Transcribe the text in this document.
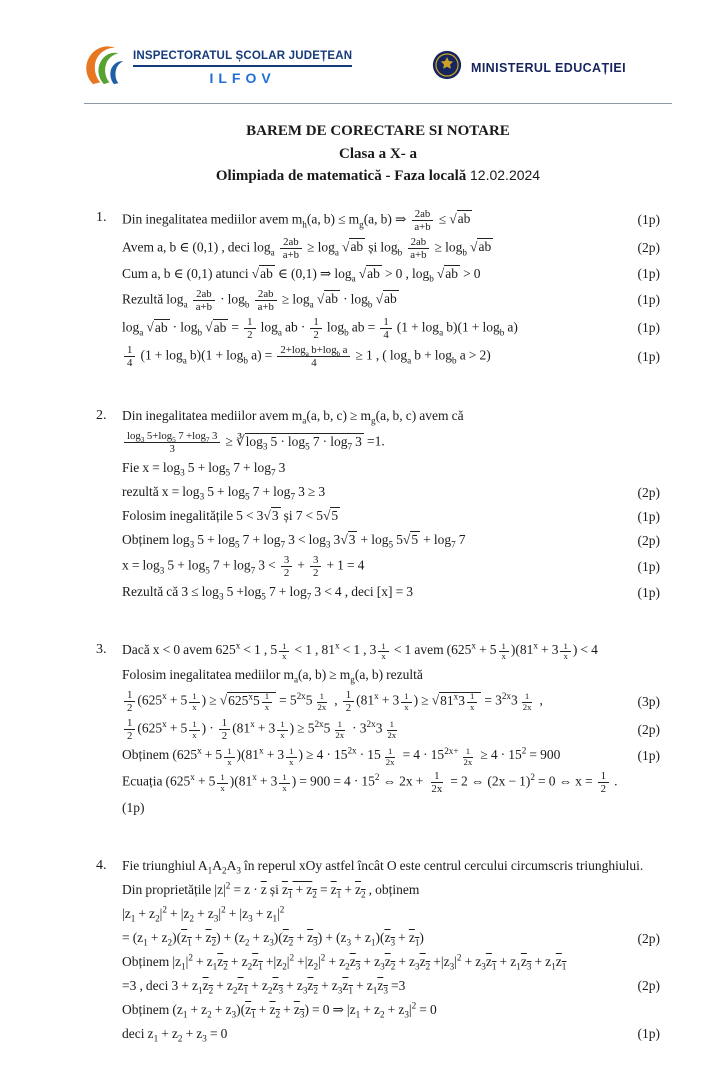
INSPECTORATUL ȘCOLAR JUDEȚEAN
ILFOV
MINISTERUL EDUCAȚIEI
BAREM DE CORECTARE SI NOTARE
Clasa a X- a
Olimpiada de matematică - Faza locală 12.02.2024
1.	Din inegalitatea mediilor avem $m_h(a$, $b) \le m_g(a$, b) ⇒ $\frac{2ab}{a+b} \le √ab$	(1p)
Avem a, b ∈ (0,1) , deci $\log_a \frac{2ab}{a+b} \ge \log_a √ab$ și $\log_b \frac{2ab}{a+b} \ge \log_b √ab$	(2p)
Cum a, b ∈ (0,1) atunci √ab ∈ (0,1) ⇒ $\log_a √ab > 0$ , $\log_b √ab > 0$	(1p)
Rezultă $\log_a \frac{2ab}{a+b} \cdot \log_b \frac{2ab}{a+b} \ge \log_a √ab \cdot \log_b √ab$	(1p)
$\log_a √ab \cdot \log_b √ab = \frac{1}{2} \log_a$ ab · $\frac{1}{2} \log_b$ ab = $\frac{1}{4} (1 + \log_a b)(1 + \log_b a)$	(1p)
$\frac{1}{4} (1 + \log_a b)(1 + \log_b a) = \frac{2+\log_a b+\log_b a}{4} \ge 1$ , ( $\log_a b + \log_b a > 2$)	(1p)
2.	Din inegalitatea mediilor avem $m_a(a$, b, $c) \ge m_g(a$, b, c) avem că
$\frac{\log_3 5+\log_5 7 +\log_7 3}{3}$ ≥ $∛\log_3$ $5 \cdot \log_5 7 \cdot \log_7 3 =1$.
Fie $x = \log_3 5 + \log_5 7 + \log_7 3$
rezultă $x = \log_3 5 + \log_5 7 + \log_7 3 \ge 3$	(2p)
Folosim inegalitățile 5 < 3√3 și 7 < 5√5	(1p)
Obținem $\log_3 5 + \log_5 7 + \log_7 3 < \log_3 3√3 + \log_5 5√5 + \log_7 7$	(2p)
$x = \log_3 5 + \log_5 7 + \log_7 3 < \frac{3}{2} + \frac{3}{2} + 1 = 4$	(1p)
Rezultă că $3 \le \log_3 5 +\log_5$ $7 + \log_7 3 < 4$ , deci [x] = 3	(1p)
3.	Dacă x < 0 avem $625^x < 1$ , 5 $^{\frac{1}{x}}$ < 1 , $81^x < 1$ , 3 $^{\frac{1}{x}}$ < 1 avem ($625^x + 5$ $^{\frac{1}{x}}$ )($81^x + 3$ $^{\frac{1}{x}}$ ) < 4
Folosim inegalitatea mediilor $m_a(a$, $b) \ge m_g(a$, b) rezultă
$\frac{1}{2} (625^x + 5$ $^{\frac{1}{x}}$ ) ≥ $√625^x5$ $^{\frac{1}{x}} = 5^{2x}5$ $^{\frac{1}{2x}}$ , $\frac{1}{2} (81^x + 3$ $^{\frac{1}{x}}$ ) ≥ $√81^x3$ $^{\frac{1}{x}} = 3^{2x}3$ $^{\frac{1}{2x}}$ ,	(3p)
$\frac{1}{2} (625^x + 5$ $^{\frac{1}{x}}$ ) · $\frac{1}{2} (81^x + 3$ $^{\frac{1}{x}}$ ) ≥ $5^{2x}5$ $^{\frac{1}{2x}} \cdot 3^{2x}3$ $^{\frac{1}{2x}}$	(2p)
Obținem ($625^x + 5$ $^{\frac{1}{x}}$ )($81^x + 3$ $^{\frac{1}{x}}$ ) ≥ $4 \cdot 15^{2x} \cdot 15$ $^{\frac{1}{2x}} = 4 \cdot 15^{2x+ \frac{1}{2x}} \ge 4 \cdot 15^2 = 900$	(1p)
Ecuația ($625^x + 5$ $^{\frac{1}{x}}$ )($81^x + 3$ $^{\frac{1}{x}}$ ) = $900 = 4 \cdot 15^2$ ⇔ $2x + \frac{1}{2x} = 2$ ⇔ $(2x - 1)^2 = 0$ ⇔ $x = \frac{1}{2}$ .
(1p)
4.	Fie triunghiul $A_1A_2A_3$ în reperul xOy astfel încât O este centrul cercului circumscris triunghiului.
Din proprietățile $|z|^2 = z \cdot \overline{z}$ și $z_1 + z_2 = z_1 + z_2$ , obținem
$|z_1 + z_2|^2 + |z_2 + z_3|^2 + |z_3 + z_1|^2$
= $(z_1 + z_2)(z_1 + z_2) + (z_2 + z_3)(z_2 + z_3) + (z_3 + z_1)(z_3 + z_1)$	(2p)
Obținem $|z_1|^2 + z_1z_2 + z_2z_1 +|z_2|^2 +|z_2|^2 + z_2z_3 + z_3z_2 + z_3z_2 +|z_3|^2 + z_3z_1 + z_1z_3 + z_1z_1$
=3 , deci $3 + z_1z_2 + z_2z_1 + z_2z_3 + z_3z_2 + z_3z_1 + z_1z_3 =3$	(2p)
Obținem $(z_1 + z_2 + z_3)(z_1 + z_2 + z_3) = 0$ ⇒ $|z_1 + z_2 + z_3|^2 = 0$
deci $z_1 + z_2 + z_3 = 0$	(1p)
